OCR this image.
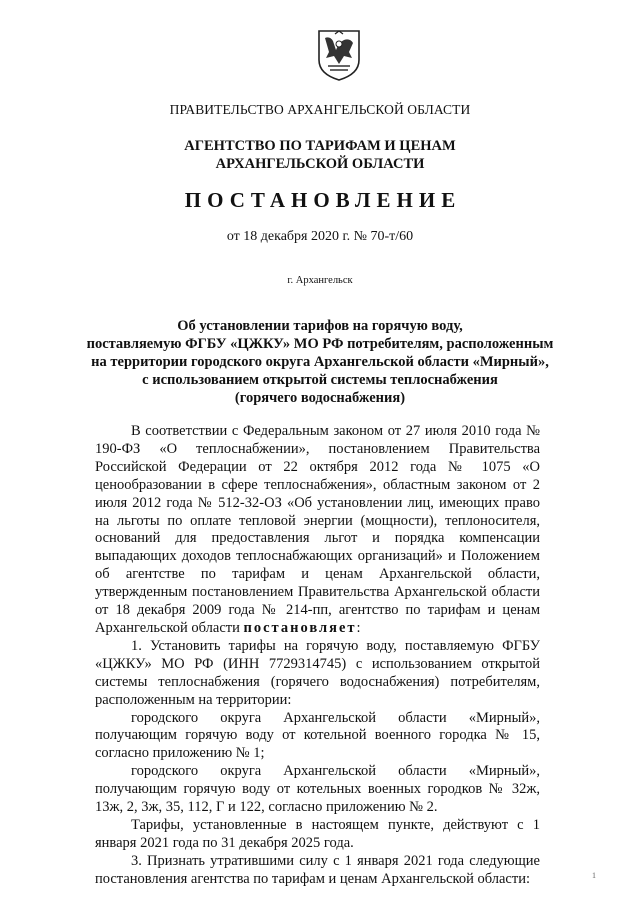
ПРАВИТЕЛЬСТВО АРХАНГЕЛЬСКОЙ ОБЛАСТИ
АГЕНТСТВО ПО ТАРИФАМ И ЦЕНАМ
АРХАНГЕЛЬСКОЙ ОБЛАСТИ
ПОСТАНОВЛЕНИЕ
от 18 декабря 2020 г. № 70-т/60
г. Архангельск
Об установлении тарифов на горячую воду,
поставляемую ФГБУ «ЦЖКУ» МО РФ потребителям, расположенным
на территории городского округа Архангельской области «Мирный»,
с использованием открытой системы теплоснабжения
(горячего водоснабжения)

В соответствии с Федеральным законом от 27 июля 2010 года № 190-ФЗ «О теплоснабжении», постановлением Правительства Российской Федерации от 22 октября 2012 года № 1075 «О ценообразовании в сфере теплоснабжения», областным законом от 2 июля 2012 года № 512-32-ОЗ «Об установлении лиц, имеющих право на льготы по оплате тепловой энергии (мощности), теплоносителя, оснований для предоставления льгот и порядка компенсации выпадающих доходов теплоснабжающих организаций» и Положением об агентстве по тарифам и ценам Архангельской области, утвержденным постановлением Правительства Архангельской области от 18 декабря 2009 года № 214-пп, агентство по тарифам и ценам Архангельской области постановляет:

1. Установить тарифы на горячую воду, поставляемую ФГБУ «ЦЖКУ» МО РФ (ИНН 7729314745) с использованием открытой системы теплоснабжения (горячего водоснабжения) потребителям, расположенным на территории:

городского округа Архангельской области «Мирный», получающим горячую воду от котельной военного городка № 15, согласно приложению № 1;

городского округа Архангельской области «Мирный», получающим горячую воду от котельных военных городков № 32ж, 13ж, 2, 3ж, 35, 112, Г и 122, согласно приложению № 2.

Тарифы, установленные в настоящем пункте, действуют с 1 января 2021 года по 31 декабря 2025 года.

3. Признать утратившими силу с 1 января 2021 года следующие постановления агентства по тарифам и ценам Архангельской области:	1
